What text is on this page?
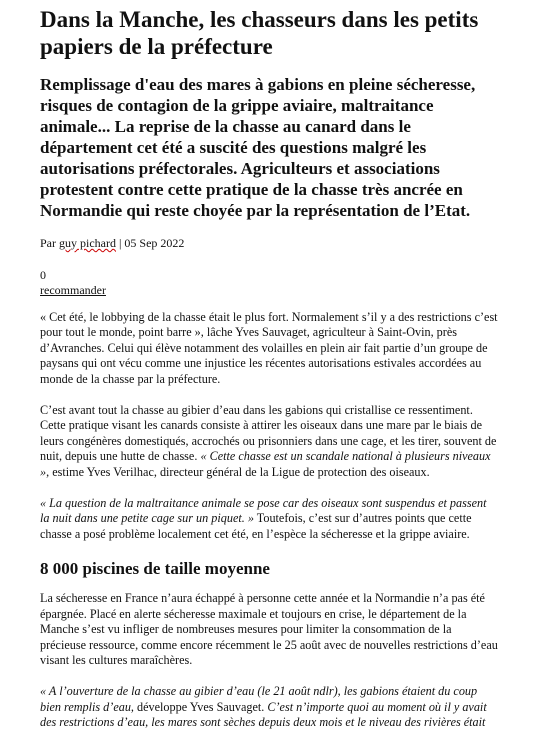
Dans la Manche, les chasseurs dans les petits papiers de la préfecture
Remplissage d'eau des mares à gabions en pleine sécheresse, risques de contagion de la grippe aviaire, maltraitance animale... La reprise de la chasse au canard dans le département cet été a suscité des questions malgré les autorisations préfectorales. Agriculteurs et associations protestent contre cette pratique de la chasse très ancrée en Normandie qui reste choyée par la représentation de l’Etat.
Par guy pichard | 05 Sep 2022
0
recommander

« Cet été, le lobbying de la chasse était le plus fort. Normalement s’il y a des restrictions c’est pour tout le monde, point barre », lâche Yves Sauvaget, agriculteur à Saint-Ovin, près d’Avranches. Celui qui élève notamment des volailles en plein air fait partie d’un groupe de paysans qui ont vécu comme une injustice les récentes autorisations estivales accordées au monde de la chasse par la préfecture.

C’est avant tout la chasse au gibier d’eau dans les gabions qui cristallise ce ressentiment. Cette pratique visant les canards consiste à attirer les oiseaux dans une mare par le biais de leurs congénères domestiqués, accrochés ou prisonniers dans une cage, et les tirer, souvent de nuit, depuis une hutte de chasse. « Cette chasse est un scandale national à plusieurs niveaux », estime Yves Verilhac, directeur général de la Ligue de protection des oiseaux.

« La question de la maltraitance animale se pose car des oiseaux sont suspendus et passent la nuit dans une petite cage sur un piquet. » Toutefois, c’est sur d’autres points que cette chasse a posé problème localement cet été, en l’espèce la sécheresse et la grippe aviaire.

8 000 piscines de taille moyenne

La sécheresse en France n’aura échappé à personne cette année et la Normandie n’a pas été épargnée. Placé en alerte sécheresse maximale et toujours en crise, le département de la Manche s’est vu infliger de nombreuses mesures pour limiter la consommation de la précieuse ressource, comme encore récemment le 25 août avec de nouvelles restrictions d’eau visant les cultures maraîchères.

« A l’ouverture de la chasse au gibier d’eau (le 21 août ndlr), les gabions étaient du coup bien remplis d’eau, développe Yves Sauvaget. C’est n’importe quoi au moment où il y avait des restrictions d’eau, les mares sont sèches depuis deux mois et le niveau des rivières était
